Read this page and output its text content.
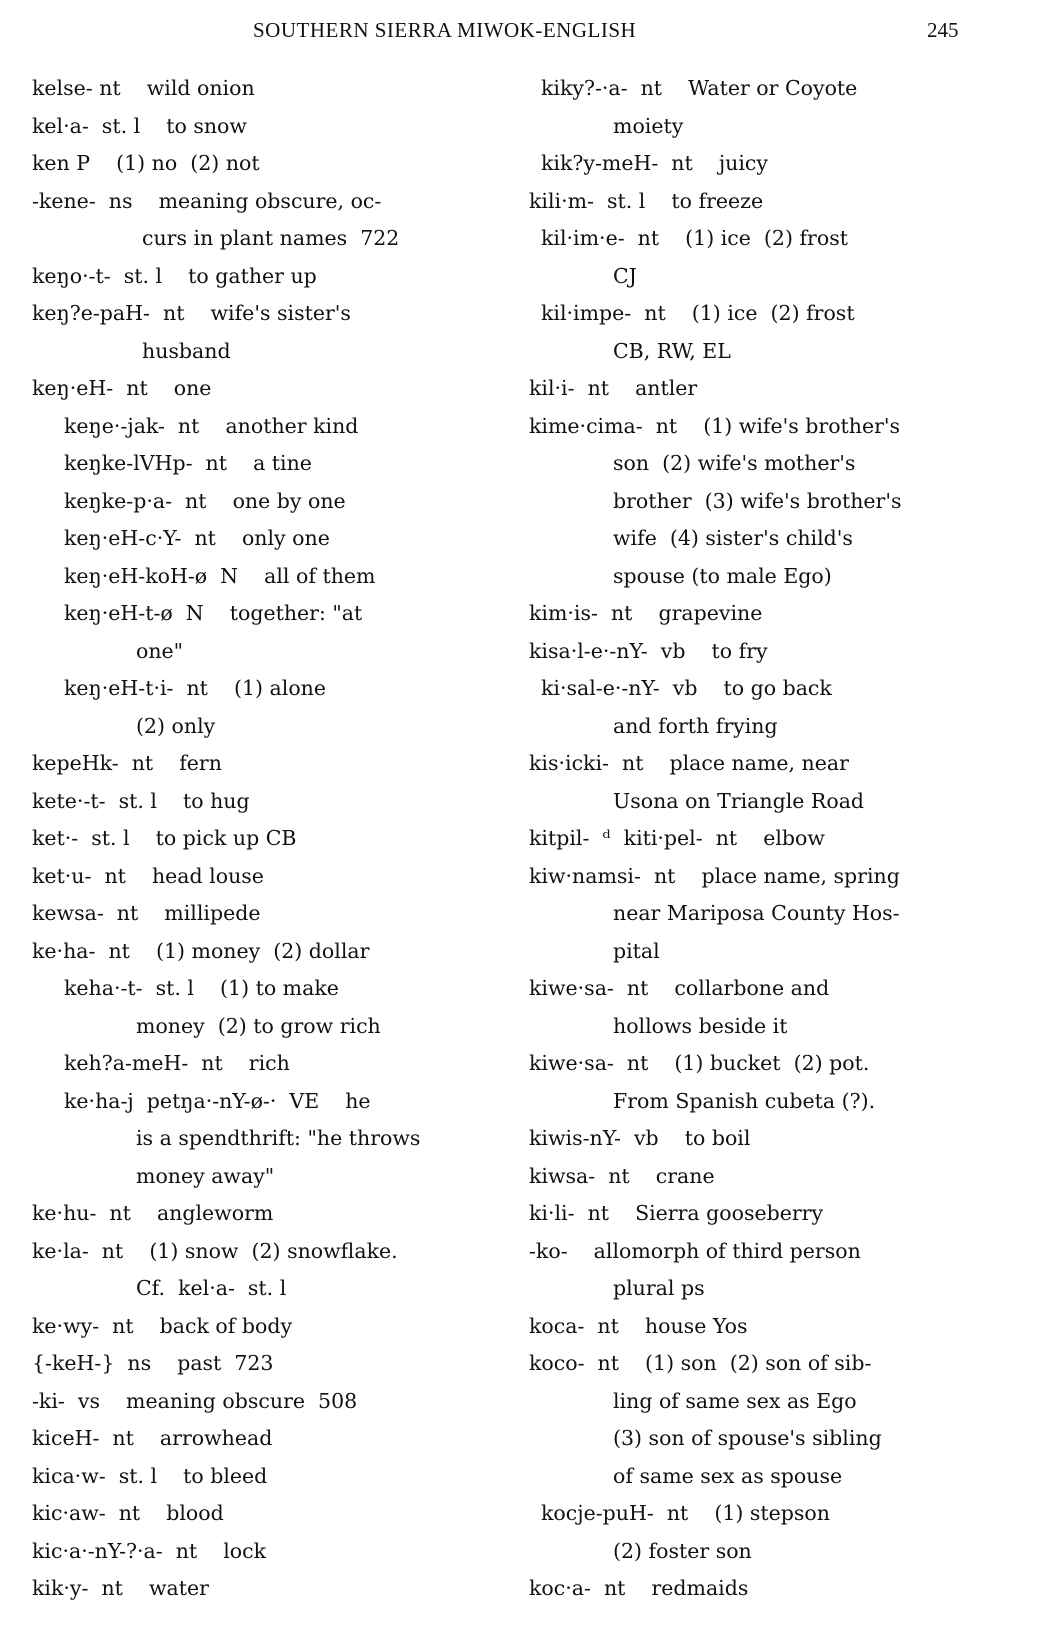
SOUTHERN SIERRA MIWOK-ENGLISH	245
kelse- nt    wild onion
kel·a-  st. l    to snow
ken P    (1) no  (2) not
-kene-  ns    meaning obscure, oc-
curs in plant names  722
keŋo·-t-  st. l    to gather up
keŋ?e-paH-  nt    wife's sister's
husband
keŋ·eH-  nt    one
keŋe·-jak-  nt    another kind
keŋke-lVHp-  nt    a tine
keŋke-p·a-  nt    one by one
keŋ·eH-c·Y-  nt    only one
keŋ·eH-koH-ø  N    all of them
keŋ·eH-t-ø  N    together: "at
one"
keŋ·eH-t·i-  nt    (1) alone
(2) only
kepeHk-  nt    fern
kete·-t-  st. l    to hug
ket·-  st. l    to pick up CB
ket·u-  nt    head louse
kewsa-  nt    millipede
ke·ha-  nt    (1) money  (2) dollar
keha·-t-  st. l    (1) to make
money  (2) to grow rich
keh?a-meH-  nt    rich
ke·ha-j  petŋa·-nY-ø-·  VE    he
is a spendthrift: "he throws
money away"
ke·hu-  nt    angleworm
ke·la-  nt    (1) snow  (2) snowflake.
Cf.  kel·a-  st. l
ke·wy-  nt    back of body
{-keH-}  ns    past  723
-ki-  vs    meaning obscure  508
kiceH-  nt    arrowhead
kica·w-  st. l    to bleed
kic·aw-  nt    blood
kic·a·-nY-?·a-  nt    lock
kik·y-  nt    water
kiky?-·a-  nt    Water or Coyote
moiety
kik?y-meH-  nt    juicy
kili·m-  st. l    to freeze
kil·im·e-  nt    (1) ice  (2) frost
CJ
kil·impe-  nt    (1) ice  (2) frost
CB, RW, EL
kil·i-  nt    antler
kime·cima-  nt    (1) wife's brother's
son  (2) wife's mother's
brother  (3) wife's brother's
wife  (4) sister's child's
spouse (to male Ego)
kim·is-  nt    grapevine
kisa·l-e·-nY-  vb    to fry
ki·sal-e·-nY-  vb    to go back
and forth frying
kis·icki-  nt    place name, near
Usona on Triangle Road
kitpil-  ᵈ  kiti·pel-  nt    elbow
kiw·namsi-  nt    place name, spring
near Mariposa County Hos-
pital
kiwe·sa-  nt    collarbone and
hollows beside it
kiwe·sa-  nt    (1) bucket  (2) pot.
From Spanish cubeta (?).
kiwis-nY-  vb    to boil
kiwsa-  nt    crane
ki·li-  nt    Sierra gooseberry
-ko-    allomorph of third person
plural ps
koca-  nt    house Yos
koco-  nt    (1) son  (2) son of sib-
ling of same sex as Ego
(3) son of spouse's sibling
of same sex as spouse
kocje-puH-  nt    (1) stepson
(2) foster son
koc·a-  nt    redmaids
